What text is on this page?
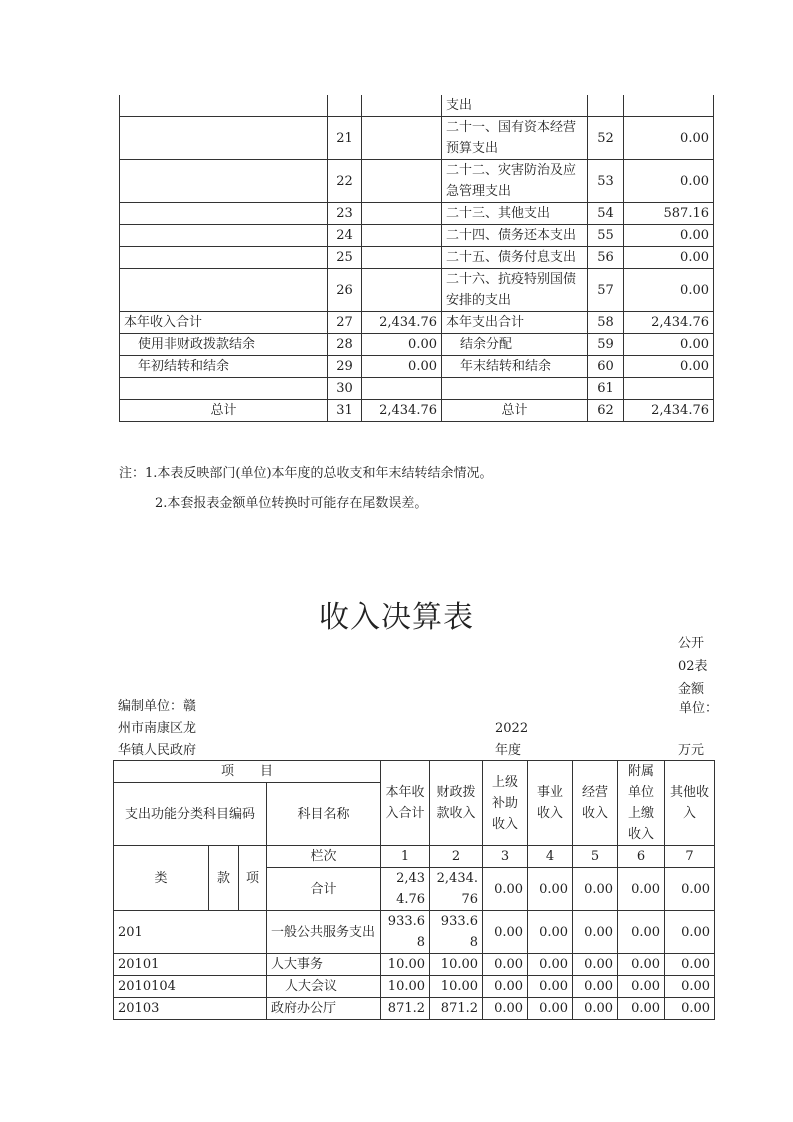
			支出		
	21		二十一、国有资本经营预算支出	52	0.00
	22		二十二、灾害防治及应急管理支出	53	0.00
	23		二十三、其他支出	54	587.16
	24		二十四、债务还本支出	55	0.00
	25		二十五、债务付息支出	56	0.00
	26		二十六、抗疫特别国债安排的支出	57	0.00
本年收入合计	27	2,434.76	本年支出合计	58	2,434.76
使用非财政拨款结余	28	0.00	结余分配	59	0.00
年初结转和结余	29	0.00	年末结转和结余	60	0.00
	30			61	
总计	31	2,434.76	总计	62	2,434.76
注：1.本表反映部门(单位)本年度的总收支和年末结转结余情况。
2.本套报表金额单位转换时可能存在尾数误差。
收入决算表
公开
02表
金额
单位：
万元
编制单位：赣
州市南康区龙
华镇人民政府
2022
年度
项　　目				本年收入合计	财政拨款收入	上级补助收入	事业收入	经营收入	附属单位上缴收入	其他收入
支出功能分类科目编码			科目名称							
类	款	项	栏次	1	2	3	4	5	6	7
			合计	2,434.76	2,434.76	0.00	0.00	0.00	0.00	0.00
201			一般公共服务支出	933.68	933.68	0.00	0.00	0.00	0.00	0.00
20101			人大事务	10.00	10.00	0.00	0.00	0.00	0.00	0.00
2010104			人大会议	10.00	10.00	0.00	0.00	0.00	0.00	0.00
20103			政府办公厅	871.2	871.2	0.00	0.00	0.00	0.00	0.00
